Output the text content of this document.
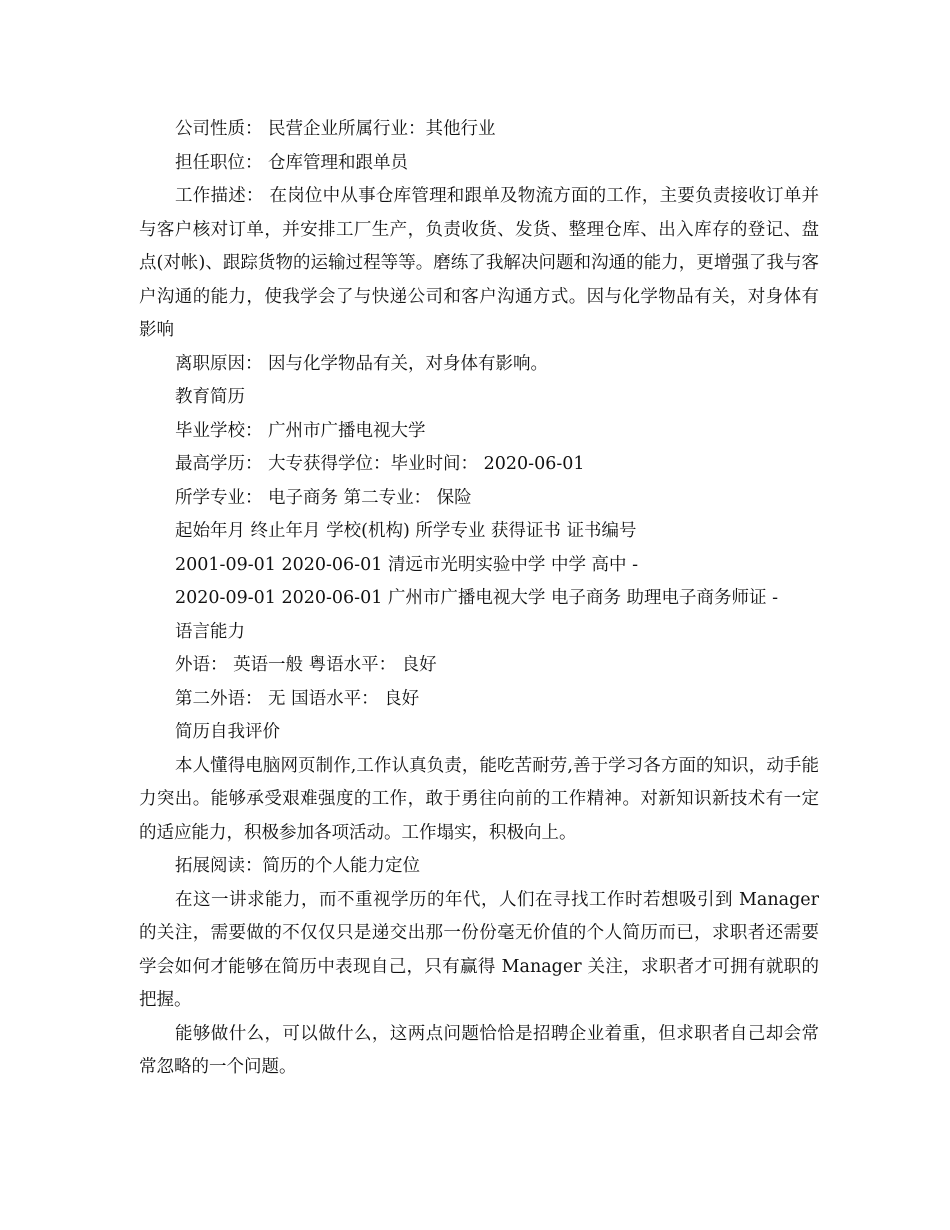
公司性质： 民营企业所属行业：其他行业
担任职位： 仓库管理和跟单员

工作描述： 在岗位中从事仓库管理和跟单及物流方面的工作，主要负责接收订单并与客户核对订单，并安排工厂生产，负责收货、发货、整理仓库、出入库存的登记、盘点(对帐)、跟踪货物的运输过程等等。磨练了我解决问题和沟通的能力，更增强了我与客户沟通的能力，使我学会了与快递公司和客户沟通方式。因与化学物品有关，对身体有影响

离职原因： 因与化学物品有关，对身体有影响。
教育简历
毕业学校： 广州市广播电视大学
最高学历： 大专获得学位：毕业时间： 2020-06-01
所学专业： 电子商务 第二专业： 保险
起始年月 终止年月 学校(机构) 所学专业 获得证书 证书编号
2001-09-01 2020-06-01 清远市光明实验中学 中学 高中 -
2020-09-01 2020-06-01 广州市广播电视大学 电子商务 助理电子商务师证 -
语言能力
外语： 英语一般 粤语水平： 良好
第二外语： 无 国语水平： 良好
简历自我评价

本人懂得电脑网页制作,工作认真负责，能吃苦耐劳,善于学习各方面的知识，动手能力突出。能够承受艰难强度的工作，敢于勇往向前的工作精神。对新知识新技术有一定的适应能力，积极参加各项活动。工作塌实，积极向上。

拓展阅读：简历的个人能力定位

在这一讲求能力，而不重视学历的年代，人们在寻找工作时若想吸引到 Manager 的关注，需要做的不仅仅只是递交出那一份份毫无价值的个人简历而已，求职者还需要学会如何才能够在简历中表现自己，只有赢得 Manager 关注，求职者才可拥有就职的把握。

能够做什么，可以做什么，这两点问题恰恰是招聘企业着重，但求职者自己却会常常忽略的一个问题。
